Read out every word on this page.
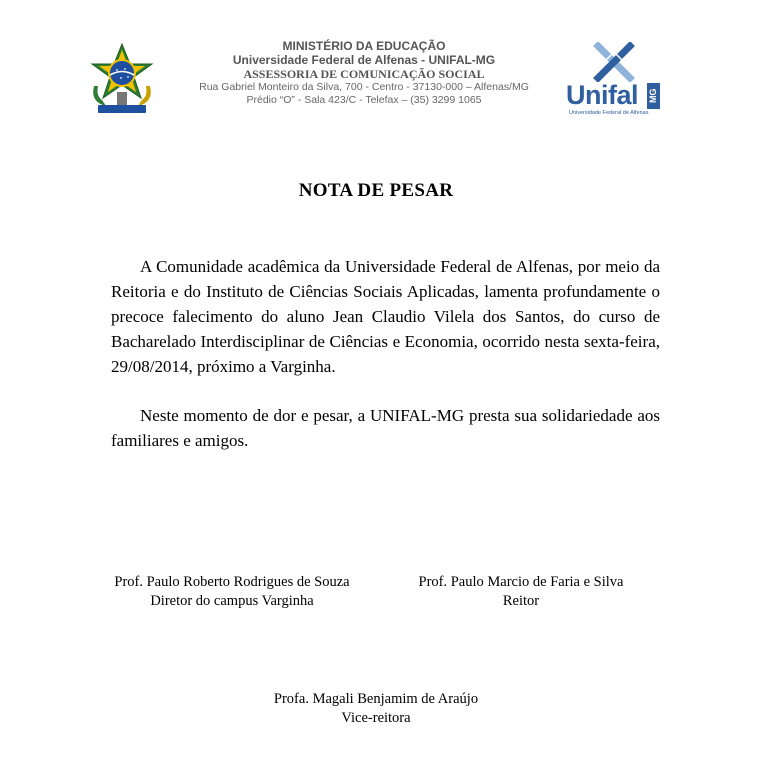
MINISTÉRIO DA EDUCAÇÃO
Universidade Federal de Alfenas - UNIFAL-MG
ASSESSORIA DE COMUNICAÇÃO SOCIAL
Rua Gabriel Monteiro da Silva, 700 - Centro - 37130-000 – Alfenas/MG
Prédio “O” - Sala 423/C - Telefax – (35) 3299 1065	Unifal MG
Universidade Federal de Alfenas
NOTA DE PESAR

A Comunidade acadêmica da Universidade Federal de Alfenas, por meio da Reitoria e do Instituto de Ciências Sociais Aplicadas, lamenta profundamente o precoce falecimento do aluno Jean Claudio Vilela dos Santos, do curso de Bacharelado Interdisciplinar de Ciências e Economia, ocorrido nesta sexta-feira, 29/08/2014, próximo a Varginha.

Neste momento de dor e pesar, a UNIFAL-MG presta sua solidariedade aos familiares e amigos.

Prof. Paulo Roberto Rodrigues de Souza
Diretor do campus Varginha
Prof. Paulo Marcio de Faria e Silva
Reitor
Profa. Magali Benjamim de Araújo
Vice-reitora
